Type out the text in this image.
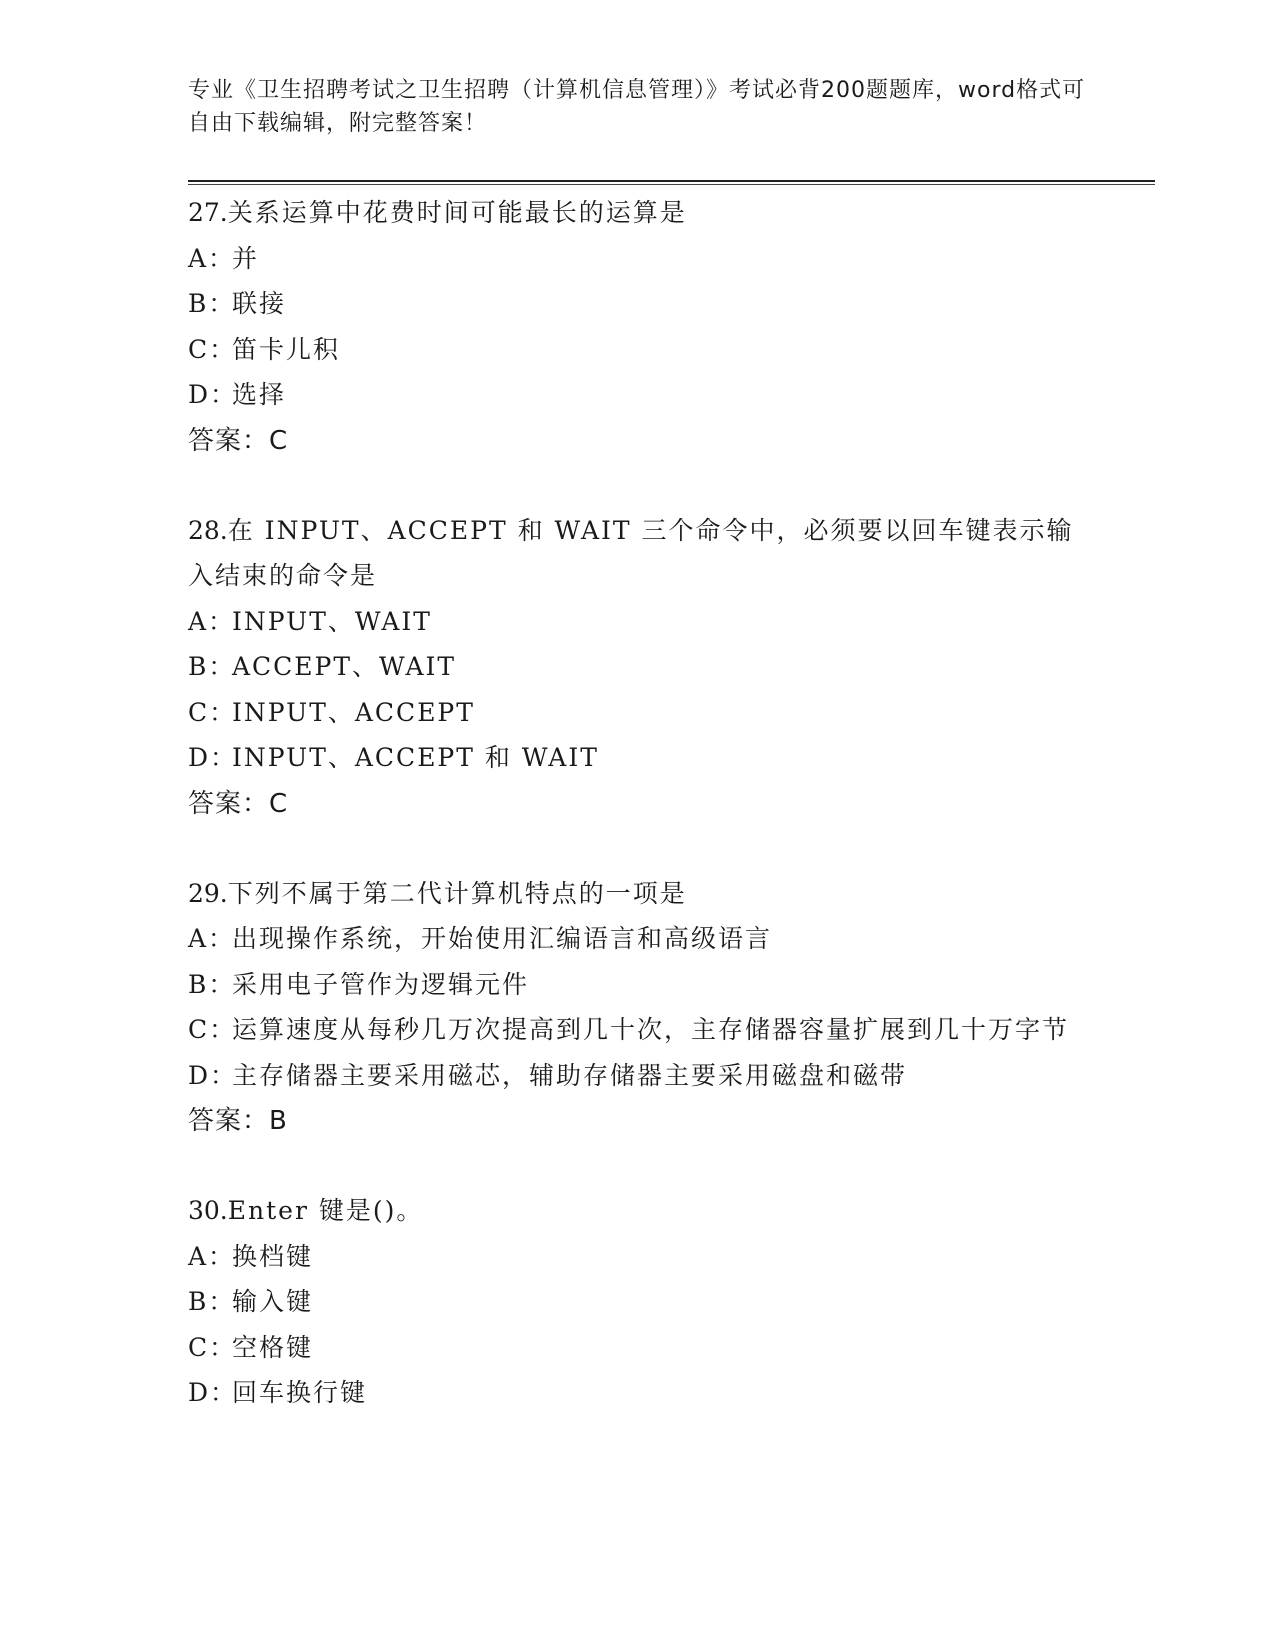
专业《卫生招聘考试之卫生招聘（计算机信息管理）》考试必背200题题库，word格式可自由下载编辑，附完整答案！
27.关系运算中花费时间可能最长的运算是
A：并
B：联接
C：笛卡儿积
D：选择
答案：C
28.在 INPUT、ACCEPT 和 WAIT 三个命令中，必须要以回车键表示输入结束的命令是
A：INPUT、WAIT
B：ACCEPT、WAIT
C：INPUT、ACCEPT
D：INPUT、ACCEPT 和 WAIT
答案：C
29.下列不属于第二代计算机特点的一项是
A：出现操作系统，开始使用汇编语言和高级语言
B：采用电子管作为逻辑元件
C：运算速度从每秒几万次提高到几十次，主存储器容量扩展到几十万字节
D：主存储器主要采用磁芯，辅助存储器主要采用磁盘和磁带
答案：B
30.Enter 键是()。
A：换档键
B：输入键
C：空格键
D：回车换行键
